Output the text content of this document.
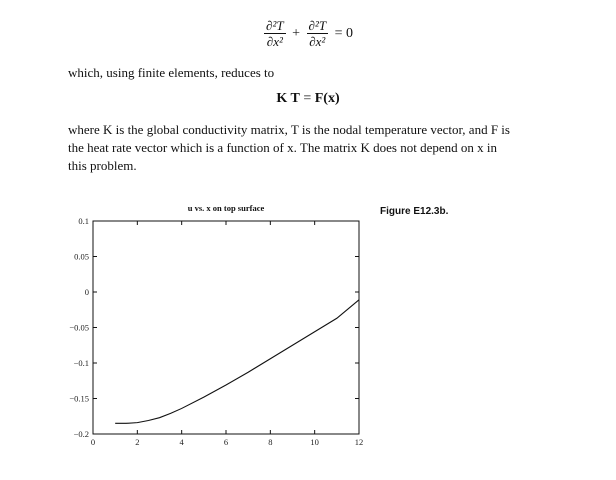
$\frac{\text{∂²T}}{\text{∂x²}} + \frac{\text{∂²T}}{\text{∂x²}} = 0$
which, using finite elements, reduces to
K T = F(x)
where K is the global conductivity matrix, T is the nodal temperature vector, and F is
the heat rate vector which is a function of x. The matrix K does not depend on x in
this problem.
Figure E12.3b.
u vs. x on top surface
0	2	4	6	8	10	12
0.1
0.05
0
−0.05
−0.1
−0.15
−0.2
